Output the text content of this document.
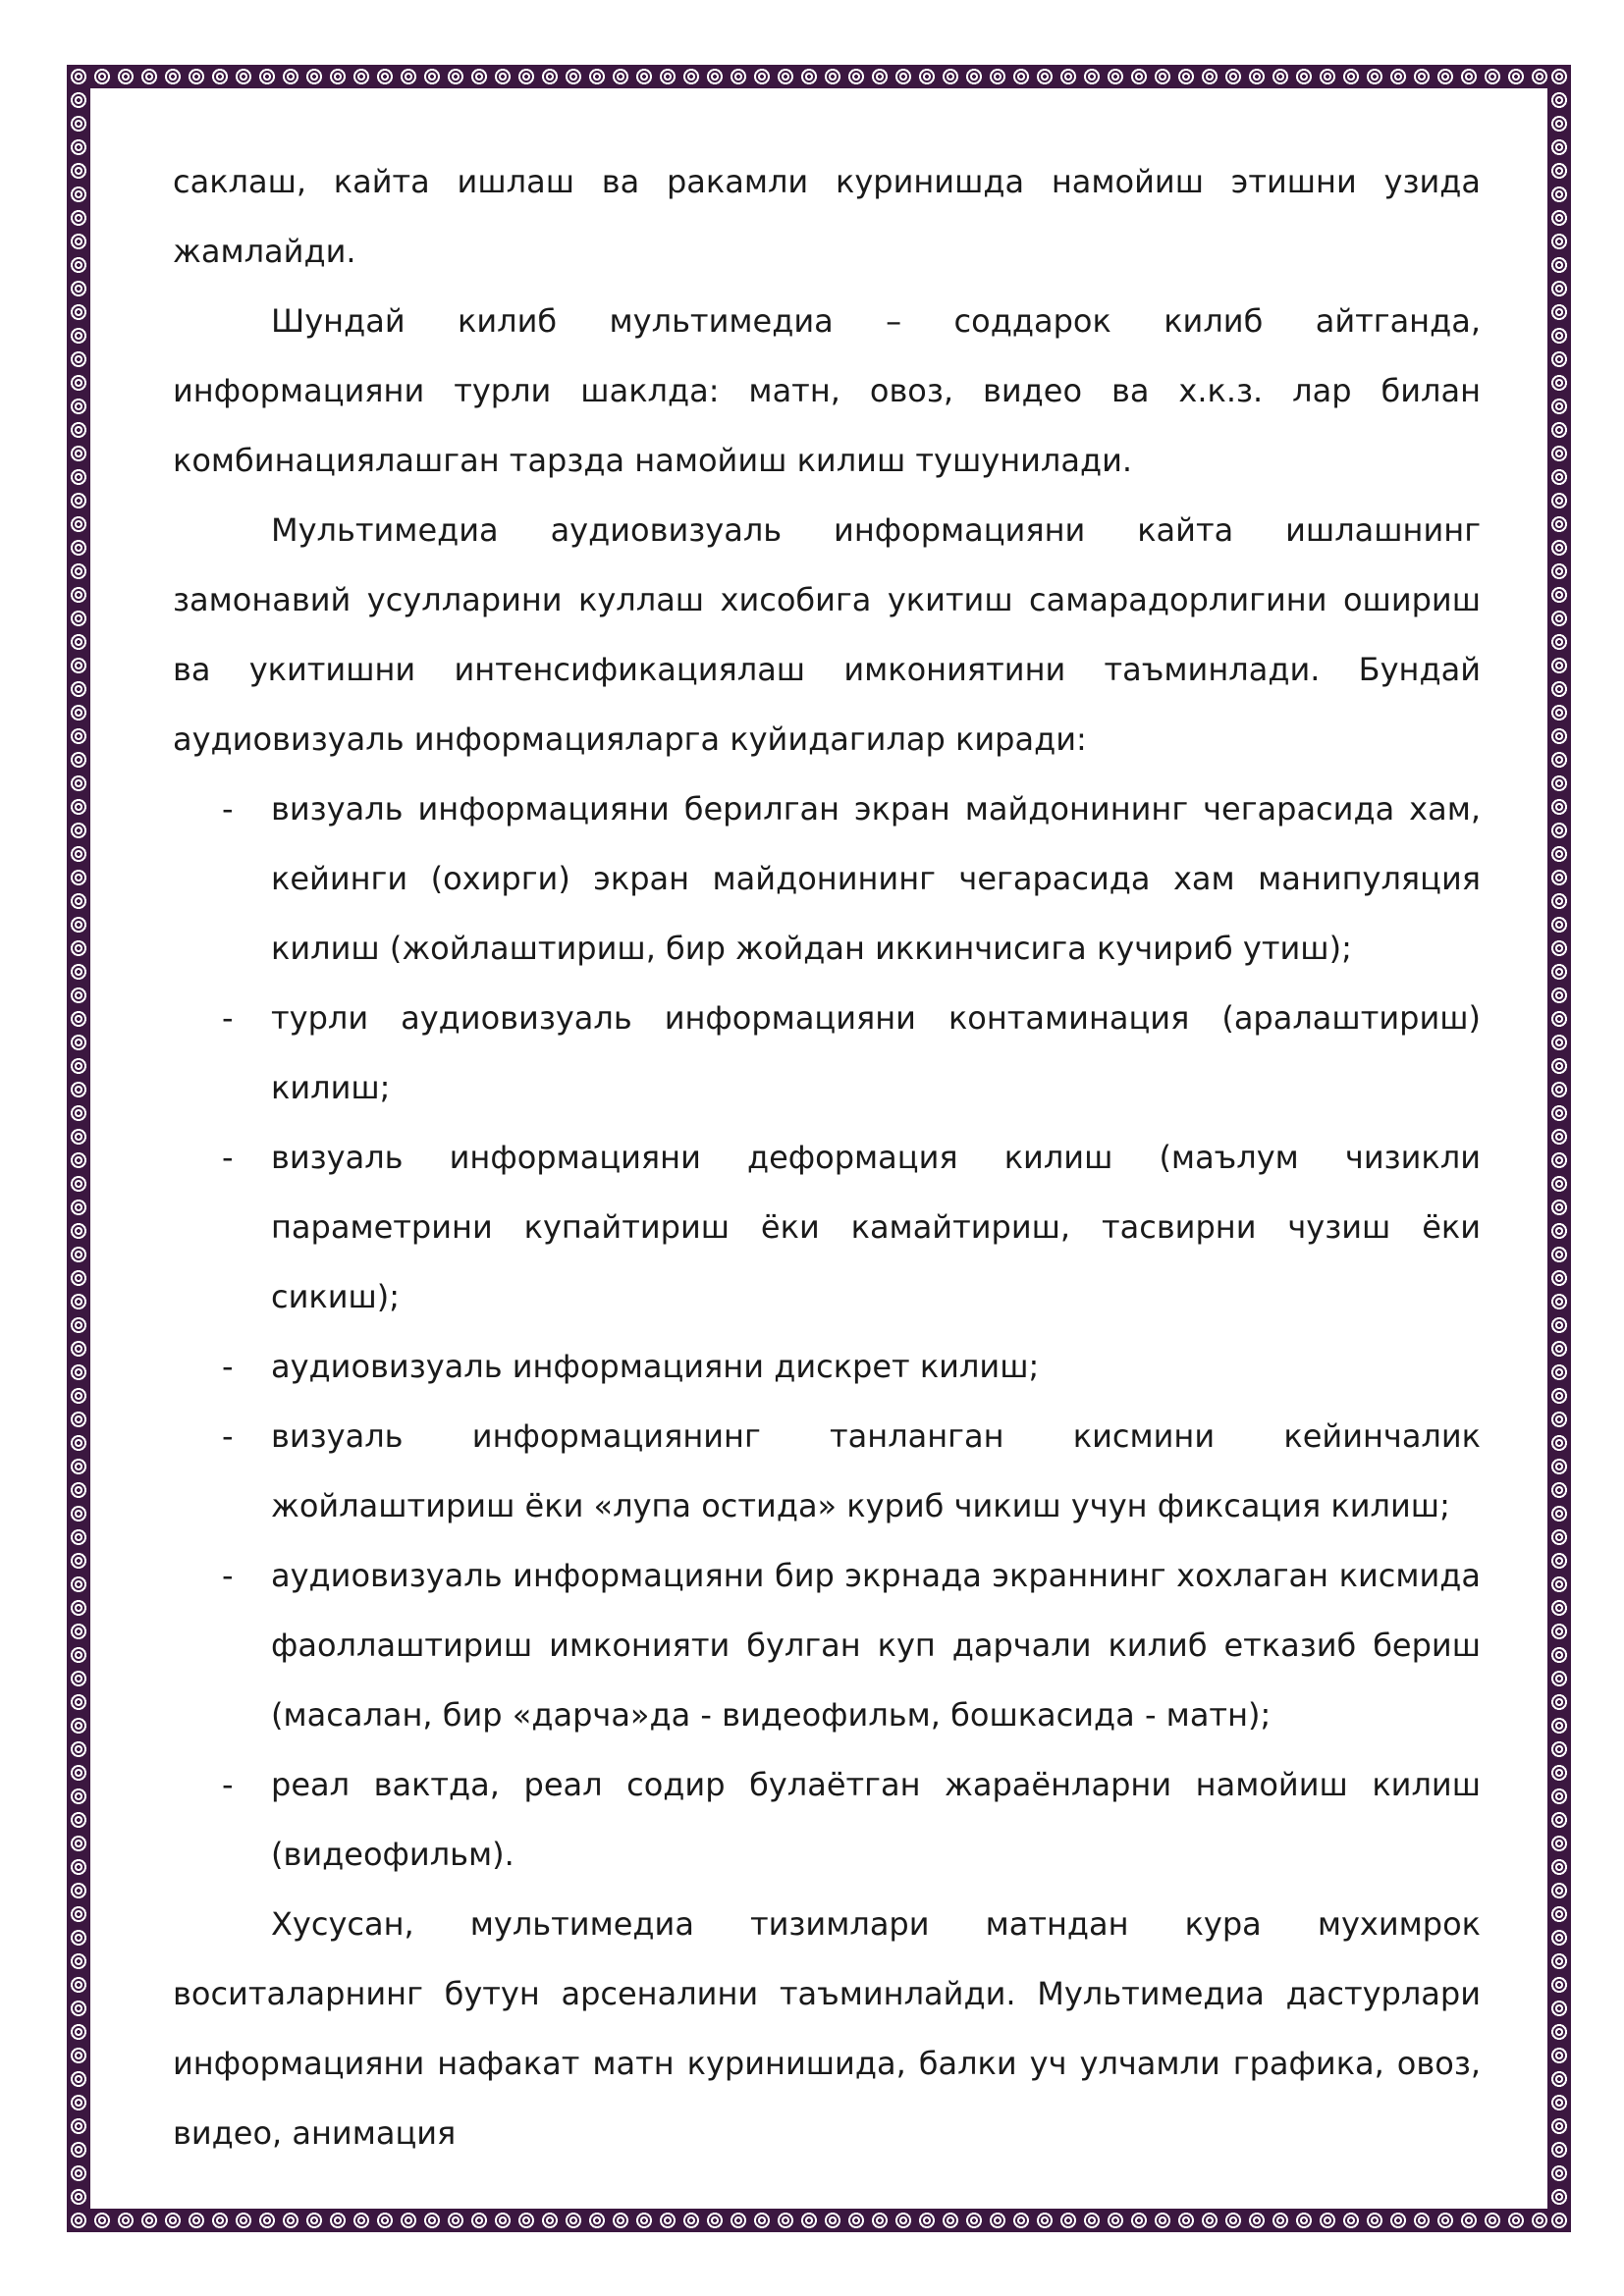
саклаш, кайта ишлаш ва ракамли куринишда намойиш этишни узида жамлайди.

Шундай килиб мультимедиа – соддарок килиб айтганда, информацияни турли шаклда: матн, овоз, видео ва х.к.з. лар билан комбинациялашган тарзда намойиш килиш тушунилади.

Мультимедиа аудиовизуаль информацияни кайта ишлашнинг замонавий усулларини куллаш хисобига укитиш самарадорлигини ошириш ва укитишни интенсификациялаш имкониятини таъминлади. Бундай аудиовизуаль информацияларга куйидагилар киради:

- визуаль информацияни берилган экран майдонининг чегарасида хам, кейинги (охирги) экран майдонининг чегарасида хам манипуляция килиш (жойлаштириш, бир жойдан иккинчисига кучириб утиш);
- турли аудиовизуаль информацияни контаминация (аралаштириш) килиш;
- визуаль информацияни деформация килиш (маълум чизикли параметрини купайтириш ёки камайтириш, тасвирни чузиш ёки сикиш);
- аудиовизуаль информацияни дискрет килиш;
- визуаль информациянинг танланган кисмини кейинчалик жойлаштириш ёки «лупа остида» куриб чикиш учун фиксация килиш;
- аудиовизуаль информацияни бир экрнада экраннинг хохлаган кисмида фаоллаштириш имконияти булган куп дарчали килиб етказиб бериш (масалан, бир «дарча»да - видеофильм, бошкасида - матн);
- реал вактда, реал содир булаётган жараёнларни намойиш килиш (видеофильм).

Хусусан, мультимедиа тизимлари матндан кура мухимрок воситаларнинг бутун арсеналини таъминлайди. Мультимедиа дастурлари информацияни нафакат матн куринишида, балки уч улчамли графика, овоз, видео, анимация
